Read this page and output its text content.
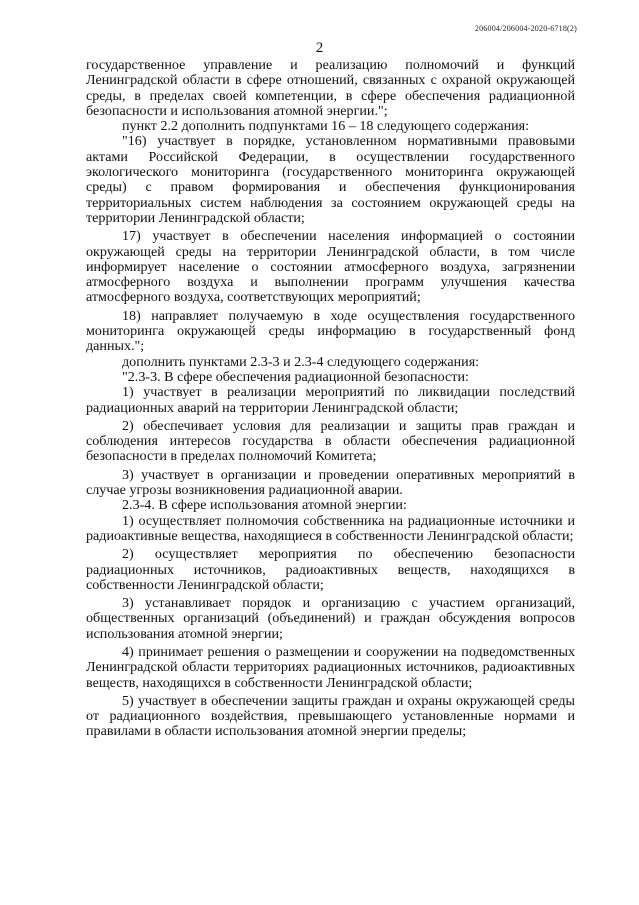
206004/206004-2020-6718(2)
2

государственное управление и реализацию полномочий и функций Ленинградской области в сфере отношений, связанных с охраной окружающей среды, в пределах своей компетенции, в сфере обеспечения радиационной безопасности и использования атомной энергии.";

пункт 2.2 дополнить подпунктами 16 – 18 следующего содержания:

"16) участвует в порядке, установленном нормативными правовыми актами Российской Федерации, в осуществлении государственного экологического мониторинга (государственного мониторинга окружающей среды) с правом формирования и обеспечения функционирования территориальных систем наблюдения за состоянием окружающей среды на территории Ленинградской области;

17) участвует в обеспечении населения информацией о состоянии окружающей среды на территории Ленинградской области, в том числе информирует население о состоянии атмосферного воздуха, загрязнении атмосферного воздуха и выполнении программ улучшения качества атмосферного воздуха, соответствующих мероприятий;

18) направляет получаемую в ходе осуществления государственного мониторинга окружающей среды информацию в государственный фонд данных.";

дополнить пунктами 2.3-3 и 2.3-4 следующего содержания:

"2.3-3. В сфере обеспечения радиационной безопасности:

1) участвует в реализации мероприятий по ликвидации последствий радиационных аварий на территории Ленинградской области;

2) обеспечивает условия для реализации и защиты прав граждан и соблюдения интересов государства в области обеспечения радиационной безопасности в пределах полномочий Комитета;

3) участвует в организации и проведении оперативных мероприятий в случае угрозы возникновения радиационной аварии.

2.3-4. В сфере использования атомной энергии:

1) осуществляет полномочия собственника на радиационные источники и радиоактивные вещества, находящиеся в собственности Ленинградской области;

2) осуществляет мероприятия по обеспечению безопасности радиационных источников, радиоактивных веществ, находящихся в собственности Ленинградской области;

3) устанавливает порядок и организацию с участием организаций, общественных организаций (объединений) и граждан обсуждения вопросов использования атомной энергии;

4) принимает решения о размещении и сооружении на подведомственных Ленинградской области территориях радиационных источников, радиоактивных веществ, находящихся в собственности Ленинградской области;

5) участвует в обеспечении защиты граждан и охраны окружающей среды от радиационного воздействия, превышающего установленные нормами и правилами в области использования атомной энергии пределы;
